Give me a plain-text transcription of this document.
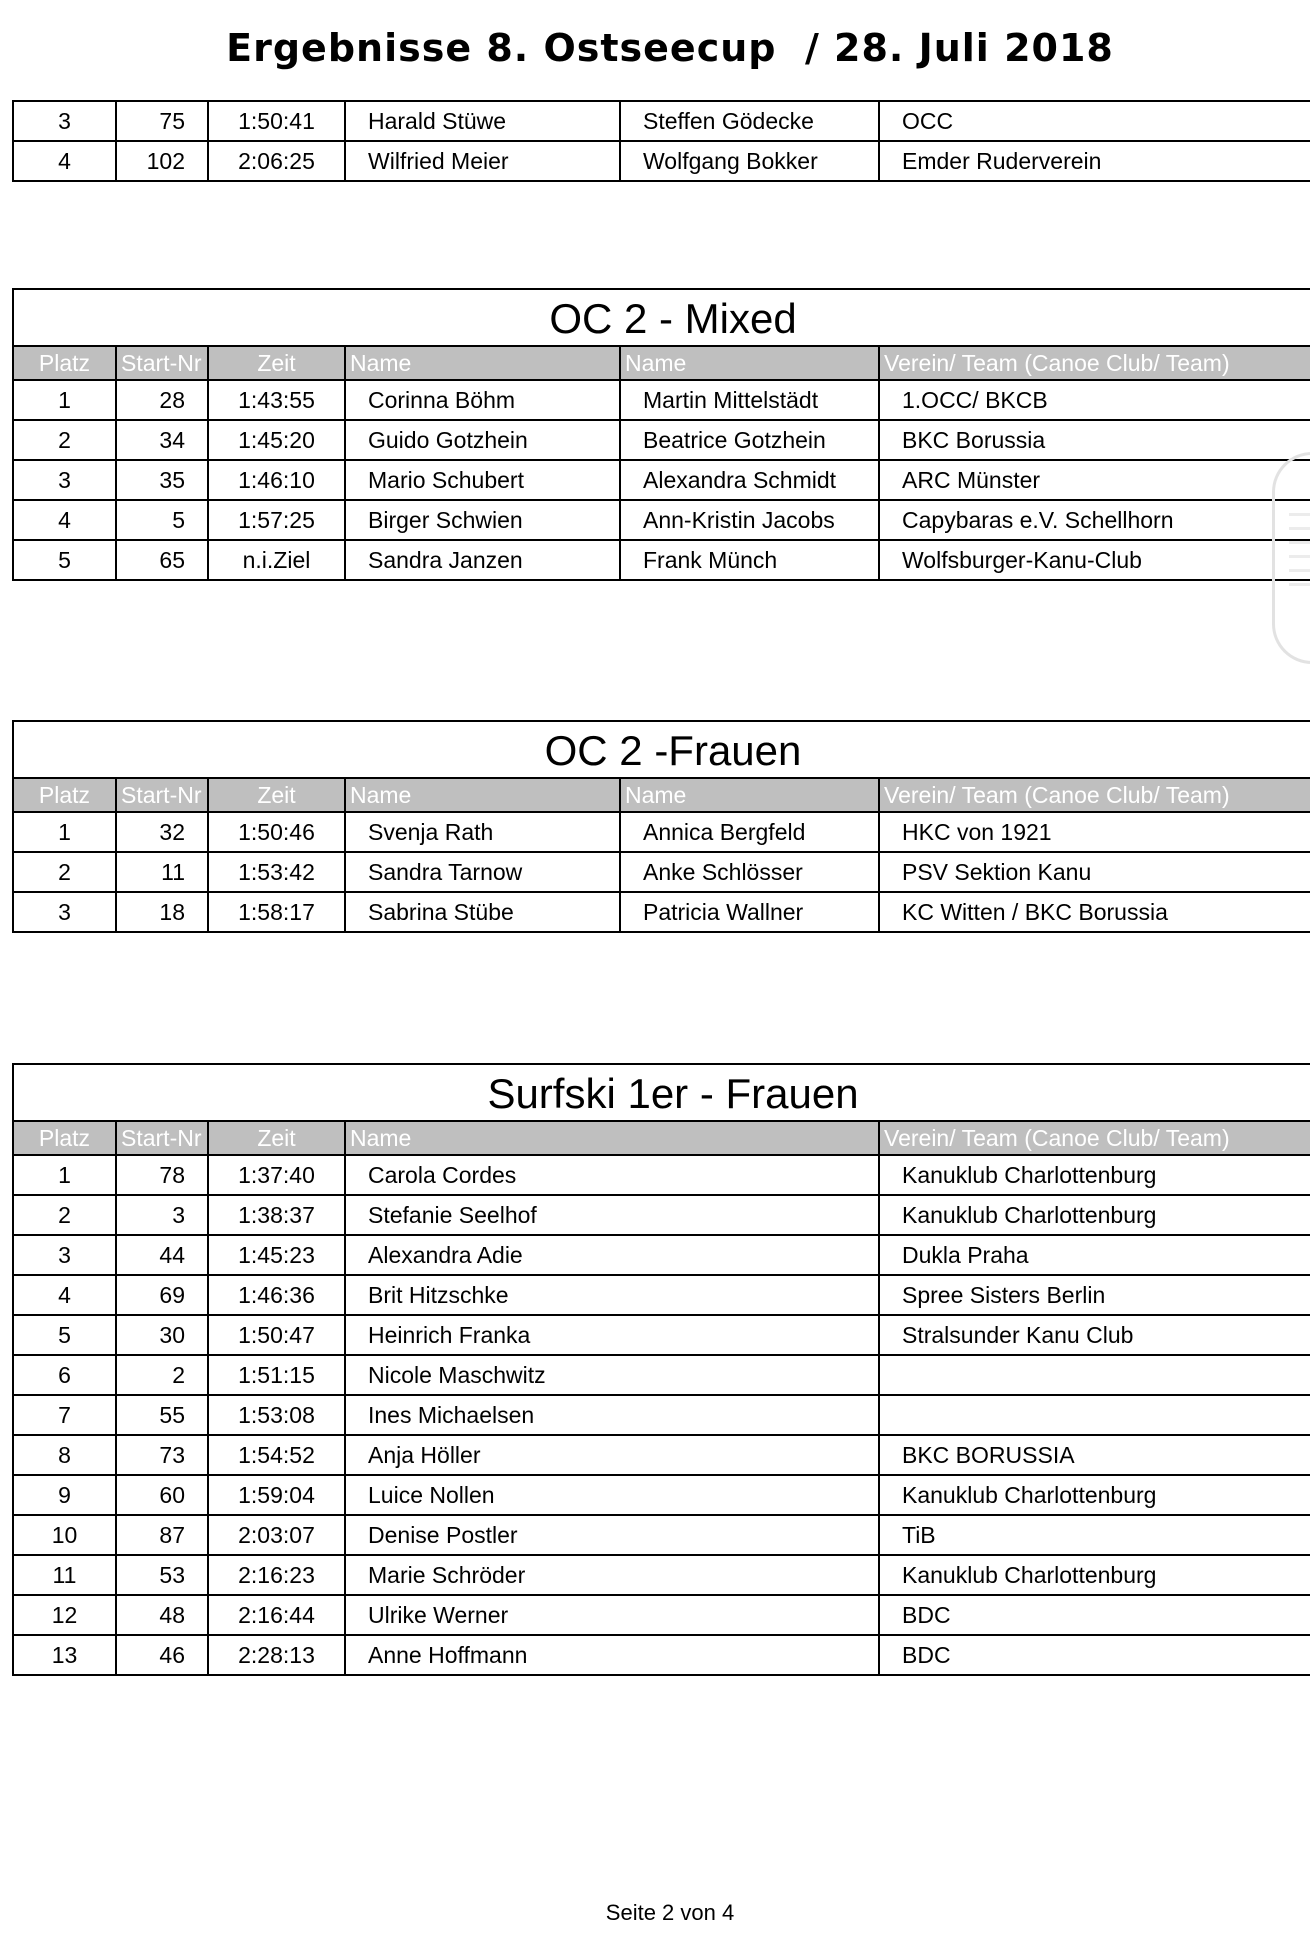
Ergebnisse 8. Ostseecup  / 28. Juli 2018
3	75	1:50:41	Harald Stüwe	Steffen Gödecke	OCC
4	102	2:06:25	Wilfried Meier	Wolfgang Bokker	Emder Ruderverein
OC 2 - Mixed					
Platz	Start-Nr	Zeit	Name	Name	Verein/ Team (Canoe Club/ Team)
1	28	1:43:55	Corinna Böhm	Martin Mittelstädt	1.OCC/ BKCB
2	34	1:45:20	Guido Gotzhein	Beatrice Gotzhein	BKC Borussia
3	35	1:46:10	Mario Schubert	Alexandra Schmidt	ARC Münster
4	5	1:57:25	Birger Schwien	Ann-Kristin Jacobs	Capybaras e.V. Schellhorn
5	65	n.i.Ziel	Sandra Janzen	Frank Münch	Wolfsburger-Kanu-Club
OC 2 -Frauen					
Platz	Start-Nr	Zeit	Name	Name	Verein/ Team (Canoe Club/ Team)
1	32	1:50:46	Svenja Rath	Annica Bergfeld	HKC von 1921
2	11	1:53:42	Sandra Tarnow	Anke Schlösser	PSV Sektion Kanu
3	18	1:58:17	Sabrina Stübe	Patricia Wallner	KC Witten / BKC Borussia
Surfski 1er - Frauen				
Platz	Start-Nr	Zeit	Name	Verein/ Team (Canoe Club/ Team)
1	78	1:37:40	Carola Cordes	Kanuklub Charlottenburg
2	3	1:38:37	Stefanie Seelhof	Kanuklub Charlottenburg
3	44	1:45:23	Alexandra Adie	Dukla Praha
4	69	1:46:36	Brit Hitzschke	Spree Sisters Berlin
5	30	1:50:47	Heinrich Franka	Stralsunder Kanu Club
6	2	1:51:15	Nicole Maschwitz	
7	55	1:53:08	Ines Michaelsen	
8	73	1:54:52	Anja Höller	BKC BORUSSIA
9	60	1:59:04	Luice Nollen	Kanuklub Charlottenburg
10	87	2:03:07	Denise Postler	TiB
11	53	2:16:23	Marie Schröder	Kanuklub Charlottenburg
12	48	2:16:44	Ulrike Werner	BDC
13	46	2:28:13	Anne Hoffmann	BDC
Seite 2 von 4
